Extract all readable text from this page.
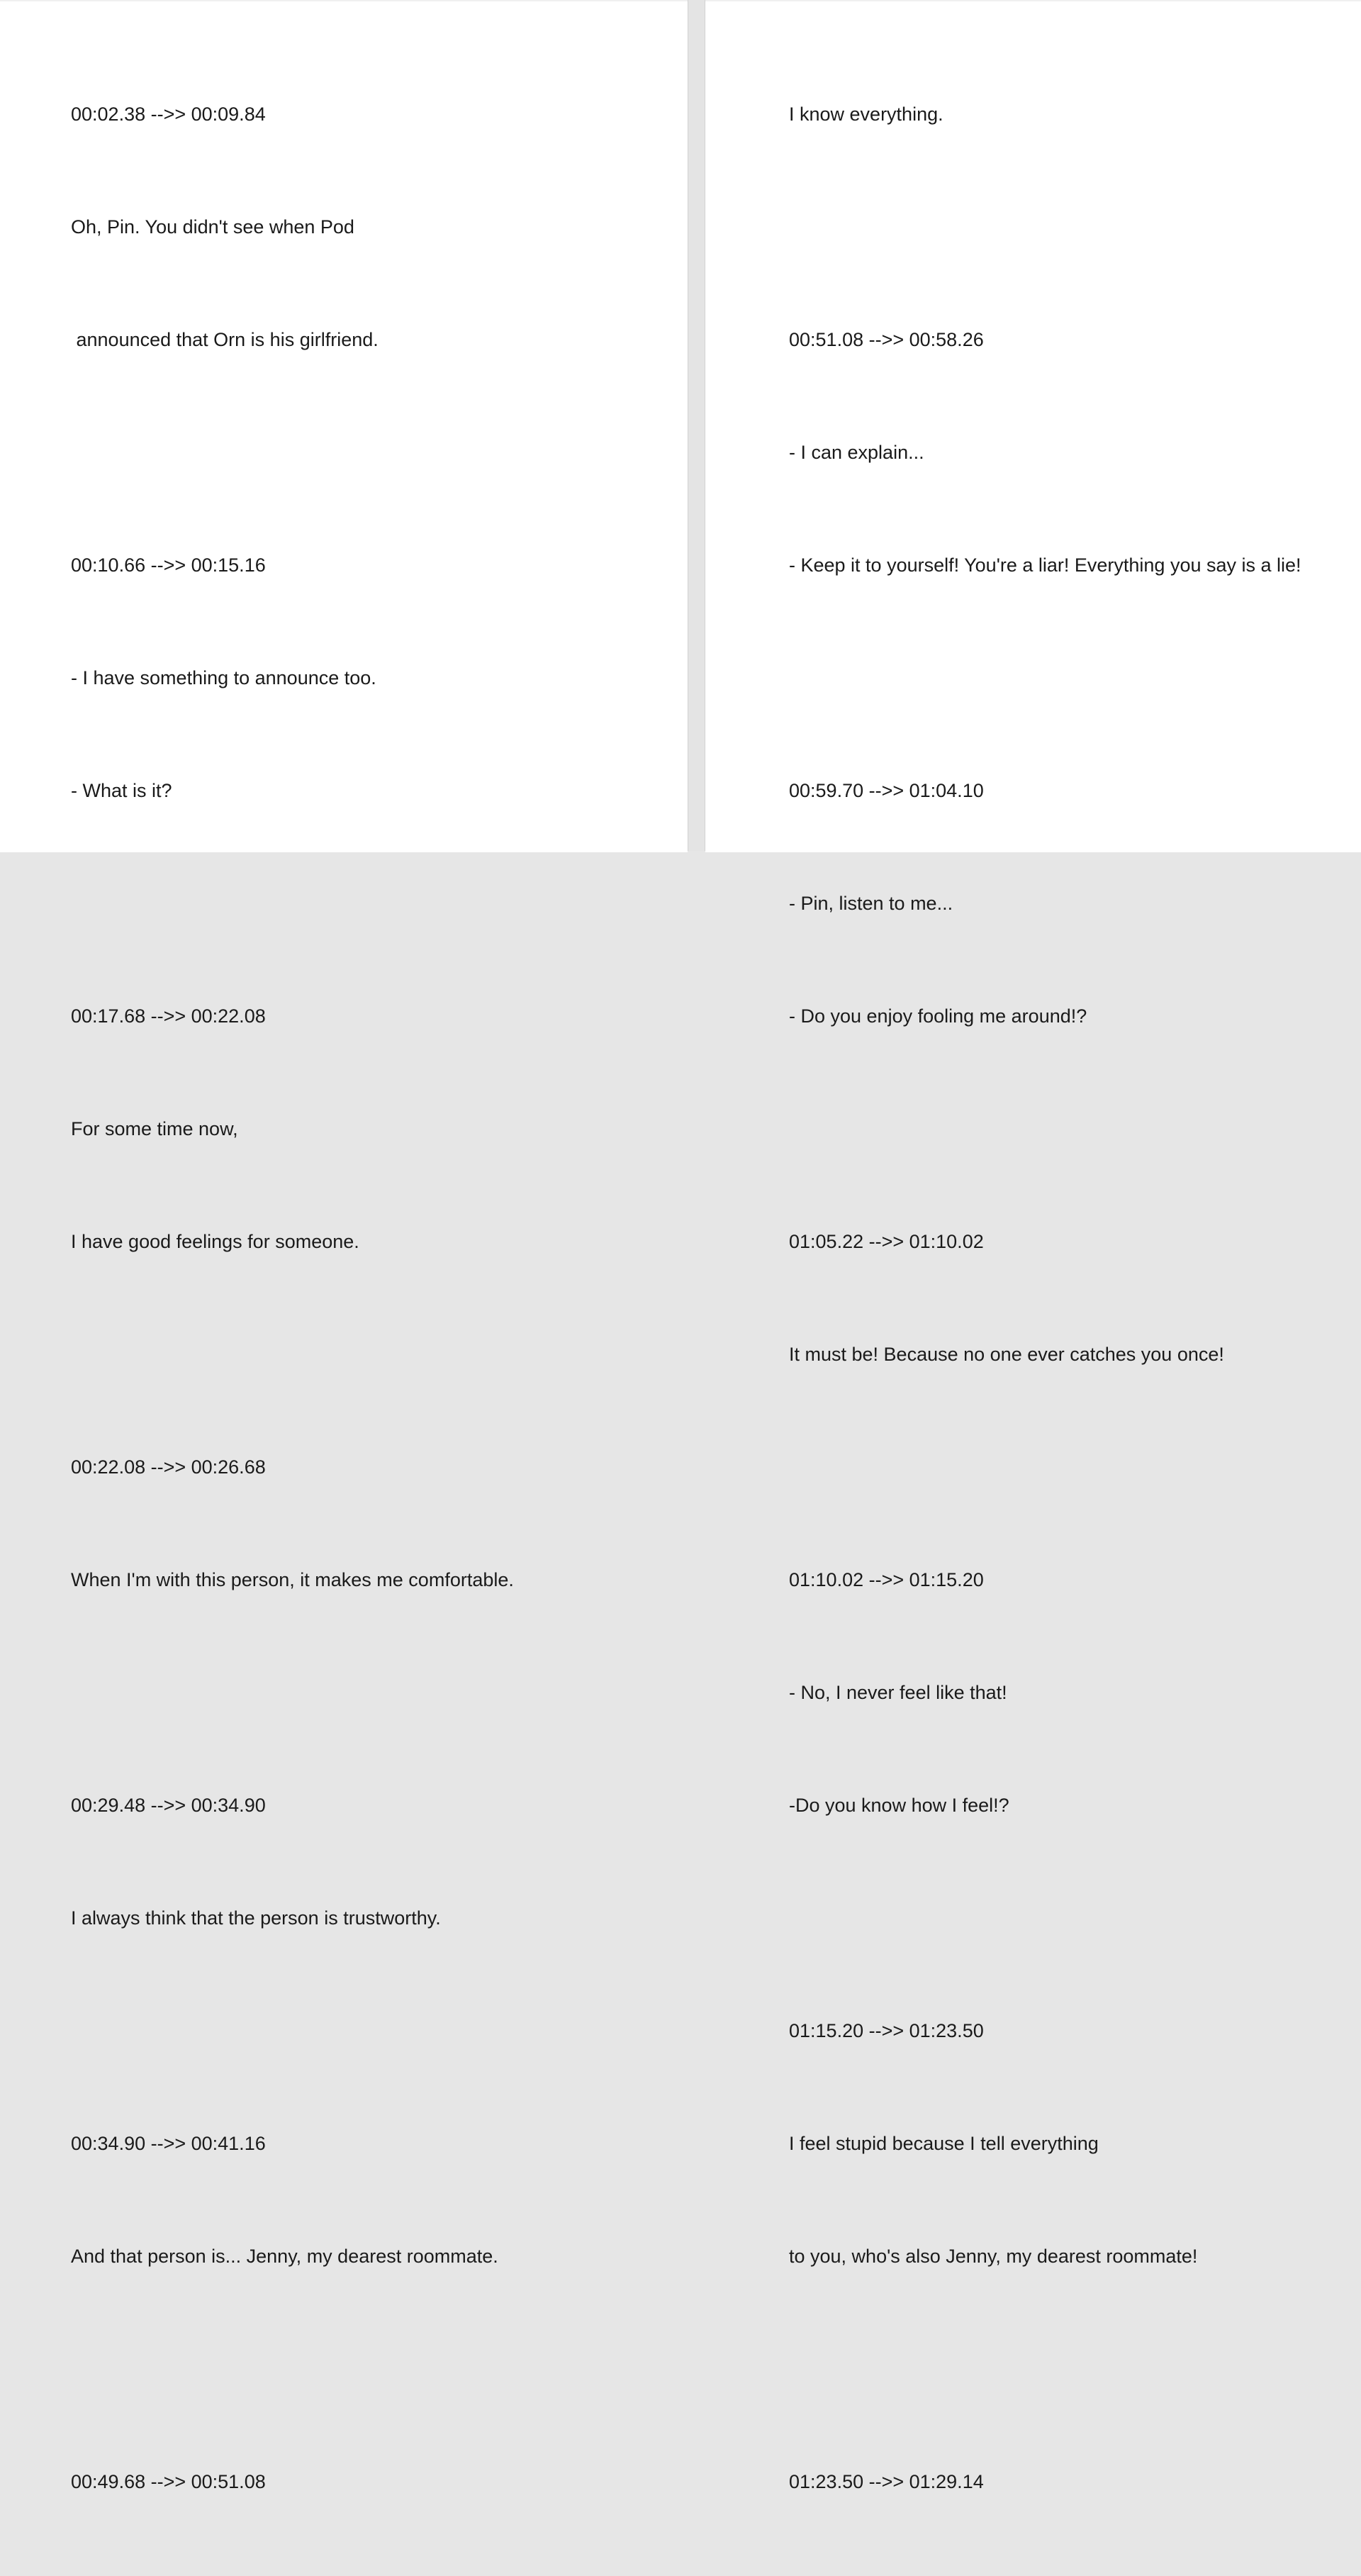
00:02.38 -->> 00:09.84

Oh, Pin. You didn't see when Pod

announced that Orn is his girlfriend.

00:10.66 -->> 00:15.16

- I have something to announce too.

- What is it?

00:17.68 -->> 00:22.08

For some time now,

I have good feelings for someone.

00:22.08 -->> 00:26.68

When I'm with this person, it makes me comfortable.

00:29.48 -->> 00:34.90

I always think that the person is trustworthy.

00:34.90 -->> 00:41.16

And that person is... Jenny, my dearest roommate.

00:49.68 -->> 00:51.08

I know everything.

00:51.08 -->> 00:58.26

- I can explain...

- Keep it to yourself! You're a liar! Everything you say is a lie!

00:59.70 -->> 01:04.10

- Pin, listen to me...

- Do you enjoy fooling me around!?

01:05.22 -->> 01:10.02

It must be! Because no one ever catches you once!

01:10.02 -->> 01:15.20

- No, I never feel like that!

-Do you know how I feel!?

01:15.20 -->> 01:23.50

I feel stupid because I tell everything

to you, who's also Jenny, my dearest roommate!

01:23.50 -->> 01:29.14
